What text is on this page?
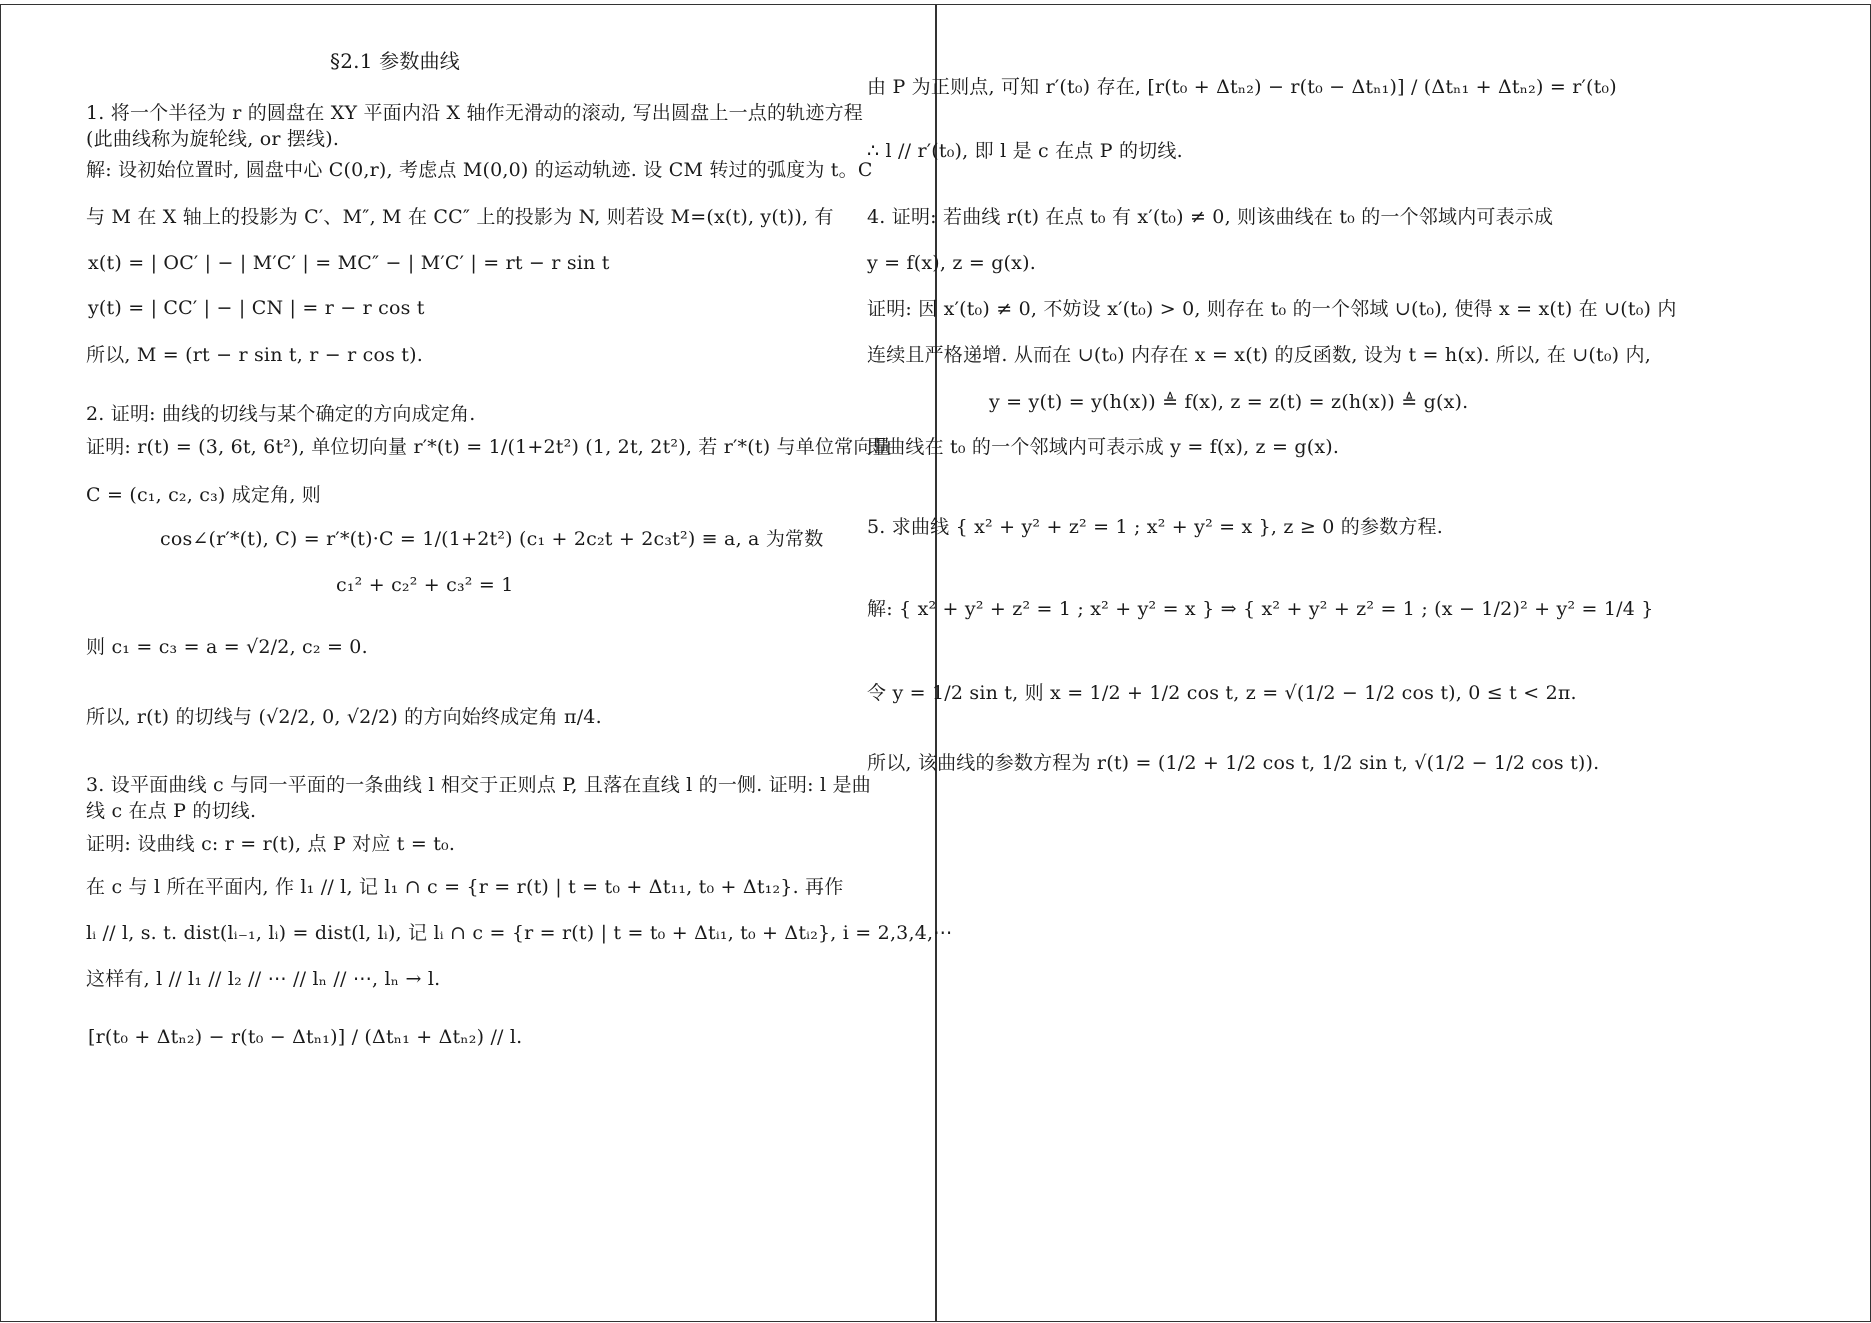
§2.1 参数曲线
1. 将一个半径为 r 的圆盘在 XY 平面内沿 X 轴作无滑动的滚动, 写出圆盘上一点的轨迹方程
(此曲线称为旋轮线, or 摆线).
解: 设初始位置时, 圆盘中心 C(0,r), 考虑点 M(0,0) 的运动轨迹. 设 CM 转过的弧度为 t。C
与 M 在 X 轴上的投影为 C′、M″, M 在 CC″ 上的投影为 N, 则若设 M=(x(t), y(t)), 有
x(t) = | OC′ | − | M′C′ | = MC″ − | M′C′ | = rt − r sin t
y(t) = | CC′ | − | CN | = r − r cos t
所以, M = (rt − r sin t, r − r cos t).
2. 证明: 曲线的切线与某个确定的方向成定角.
证明: r(t) = (3, 6t, 6t²), 单位切向量 r′*(t) = 1/(1+2t²) (1, 2t, 2t²), 若 r′*(t) 与单位常向量
C = (c₁, c₂, c₃) 成定角, 则
cos∠(r′*(t), C) = r′*(t)·C = 1/(1+2t²) (c₁ + 2c₂t + 2c₃t²) ≡ a, a 为常数
c₁² + c₂² + c₃² = 1
则 c₁ = c₃ = a = √2/2, c₂ = 0.
所以, r(t) 的切线与 (√2/2, 0, √2/2) 的方向始终成定角 π/4.
3. 设平面曲线 c 与同一平面的一条曲线 l 相交于正则点 P, 且落在直线 l 的一侧. 证明: l 是曲
线 c 在点 P 的切线.
证明: 设曲线 c: r = r(t), 点 P 对应 t = t₀.
在 c 与 l 所在平面内, 作 l₁ // l, 记 l₁ ∩ c = {r = r(t) | t = t₀ + Δt₁₁, t₀ + Δt₁₂}. 再作
lᵢ // l, s. t. dist(lᵢ₋₁, lᵢ) = dist(l, lᵢ), 记 lᵢ ∩ c = {r = r(t) | t = t₀ + Δtᵢ₁, t₀ + Δtᵢ₂}, i = 2,3,4,⋯
这样有, l // l₁ // l₂ // ⋯ // lₙ // ⋯, lₙ → l.
[r(t₀ + Δtₙ₂) − r(t₀ − Δtₙ₁)] / (Δtₙ₁ + Δtₙ₂) // l.
由 P 为正则点, 可知 r′(t₀) 存在, [r(t₀ + Δtₙ₂) − r(t₀ − Δtₙ₁)] / (Δtₙ₁ + Δtₙ₂) = r′(t₀)
∴ l // r′(t₀), 即 l 是 c 在点 P 的切线.
4. 证明: 若曲线 r(t) 在点 t₀ 有 x′(t₀) ≠ 0, 则该曲线在 t₀ 的一个邻域内可表示成
y = f(x), z = g(x).
证明: 因 x′(t₀) ≠ 0, 不妨设 x′(t₀) > 0, 则存在 t₀ 的一个邻域 ∪(t₀), 使得 x = x(t) 在 ∪(t₀) 内
连续且严格递增. 从而在 ∪(t₀) 内存在 x = x(t) 的反函数, 设为 t = h(x). 所以, 在 ∪(t₀) 内,
y = y(t) = y(h(x)) ≜ f(x), z = z(t) = z(h(x)) ≜ g(x).
即曲线在 t₀ 的一个邻域内可表示成 y = f(x), z = g(x).
5. 求曲线 { x² + y² + z² = 1 ; x² + y² = x }, z ≥ 0 的参数方程.
解: { x² + y² + z² = 1 ; x² + y² = x } ⇒ { x² + y² + z² = 1 ; (x − 1/2)² + y² = 1/4 }
令 y = 1/2 sin t, 则 x = 1/2 + 1/2 cos t, z = √(1/2 − 1/2 cos t), 0 ≤ t < 2π.
所以, 该曲线的参数方程为 r(t) = (1/2 + 1/2 cos t, 1/2 sin t, √(1/2 − 1/2 cos t)).
